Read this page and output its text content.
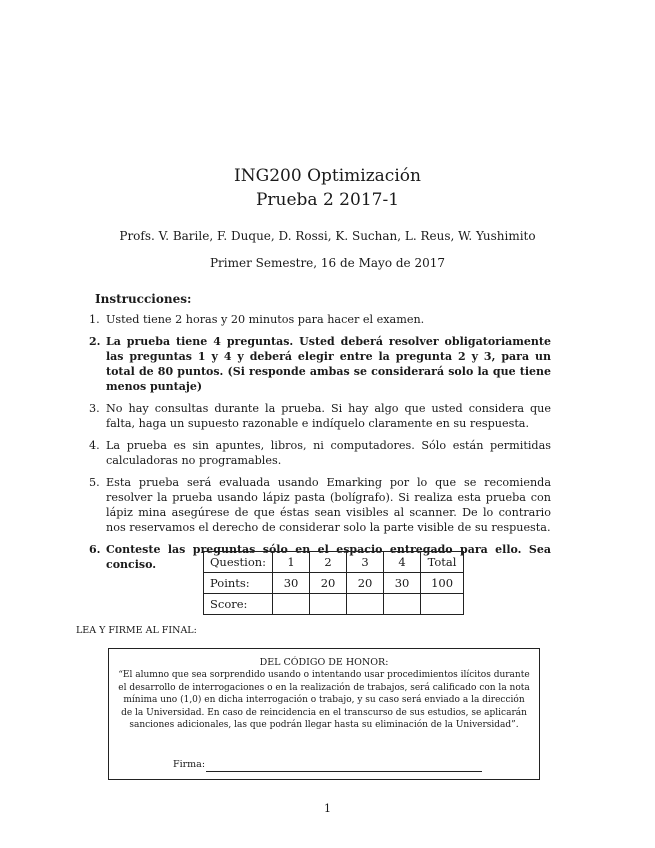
ING200 Optimización
Prueba 2 2017-1
Profs. V. Barile, F. Duque, D. Rossi, K. Suchan, L. Reus, W. Yushimito
Primer Semestre, 16 de Mayo de 2017
Instrucciones:
1. Usted tiene 2 horas y 20 minutos para hacer el examen.
2. La prueba tiene 4 preguntas. Usted deberá resolver obligatoriamente las preguntas 1 y 4 y deberá elegir entre la pregunta 2 y 3, para un total de 80 puntos. (Si responde ambas se considerará solo la que tiene menos puntaje)
3. No hay consultas durante la prueba. Si hay algo que usted considera que falta, haga un supuesto razonable e indíquelo claramente en su respuesta.
4. La prueba es sin apuntes, libros, ni computadores. Sólo están permitidas calculadoras no programables.
5. Esta prueba será evaluada usando Emarking por lo que se recomienda resolver la prueba usando lápiz pasta (bolígrafo). Si realiza esta prueba con lápiz mina asegúrese de que éstas sean visibles al scanner. De lo contrario nos reservamos el derecho de considerar solo la parte visible de su respuesta.
6. Conteste las preguntas sólo en el espacio entregado para ello. Sea conciso.	Question:	1	2	3	4	Total
Points:	30	20	20	30	100
Score:					
LEA Y FIRME AL FINAL:
DEL CÓDIGO DE HONOR:
“El alumno que sea sorprendido usando o intentando usar procedimientos ilícitos durante el desarrollo de interrogaciones o en la realización de trabajos, será calificado con la nota mínima uno (1,0) en dicha interrogación o trabajo, y su caso será enviado a la dirección de la Universidad. En caso de reincidencia en el transcurso de sus estudios, se aplicarán sanciones adicionales, las que podrán llegar hasta su eliminación de la Universidad”.
Firma:
1
